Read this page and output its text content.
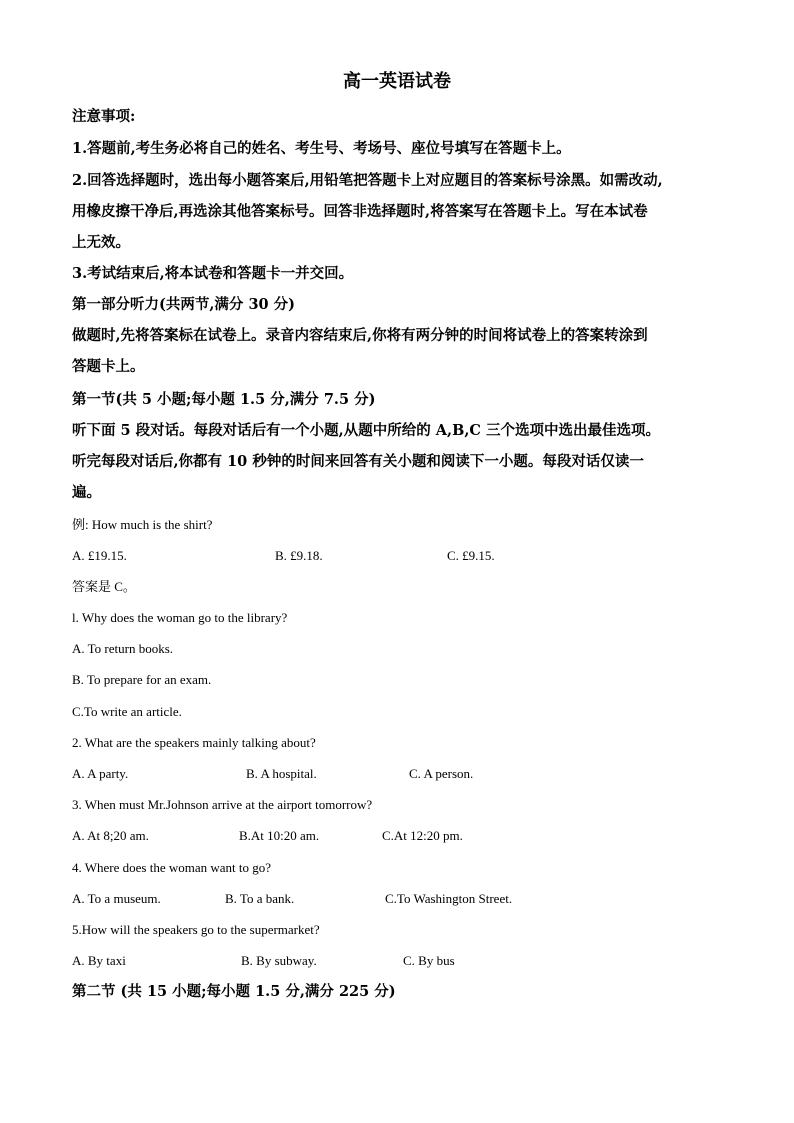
高一英语试卷
注意事项:
1.答题前,考生务必将自己的姓名、考生号、考场号、座位号填写在答题卡上。
2.回答选择题时，选出每小题答案后,用铅笔把答题卡上对应题目的答案标号涂黑。如需改动,
用橡皮擦干净后,再选涂其他答案标号。回答非选择题时,将答案写在答题卡上。写在本试卷
上无效。
3.考试结束后,将本试卷和答题卡一并交回。
第一部分听力(共两节,满分 30 分)
做题时,先将答案标在试卷上。录音内容结束后,你将有两分钟的时间将试卷上的答案转涂到
答题卡上。
第一节(共 5 小题;每小题 1.5 分,满分 7.5 分)
听下面 5 段对话。每段对话后有一个小题,从题中所给的 A,B,C 三个选项中选出最佳选项。
听完每段对话后,你都有 10 秒钟的时间来回答有关小题和阅读下一小题。每段对话仅读一
遍。
例: How much is the shirt?
A. £19.15.	B. £9.18.	C. £9.15.
答案是 C。
l. Why does the woman go to the library?
A. To return books.
B. To prepare for an exam.
C.To write an article.
2. What are the speakers mainly talking about?
A. A party.	B. A hospital.	C. A person.
3. When must Mr.Johnson arrive at the airport tomorrow?
A. At 8;20 am.	B.At 10:20 am.	C.At 12:20 pm.
4. Where does the woman want to go?
A. To a museum.	B. To a bank.	C.To Washington Street.
5.How will the speakers go to the supermarket?
A. By taxi	B. By subway.	C. By bus
第二节 (共 15 小题;每小题 1.5 分,满分 225 分)
